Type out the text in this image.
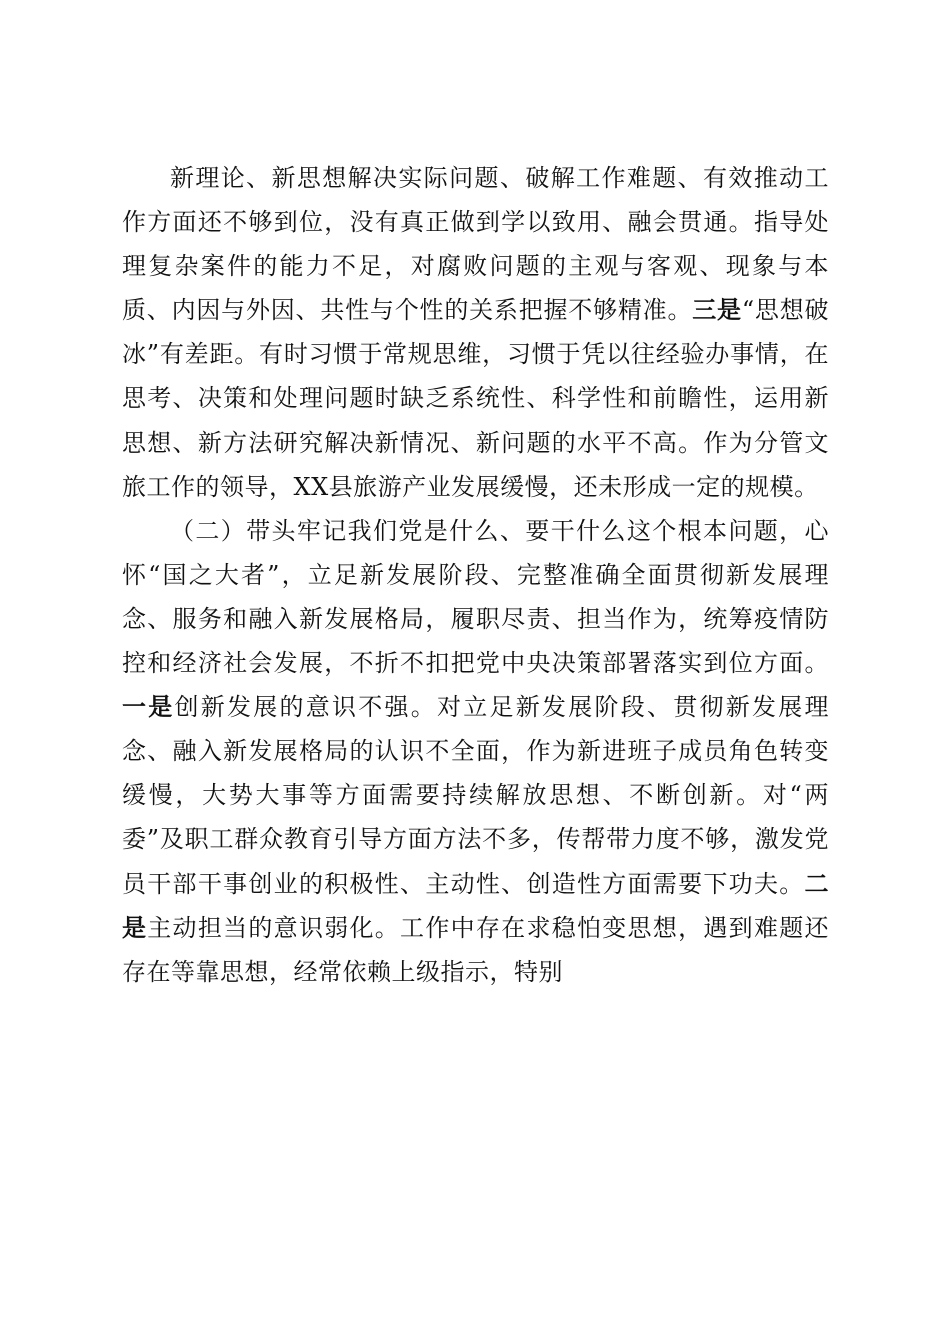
新理论、新思想解决实际问题、破解工作难题、有效推动工作方面还不够到位，没有真正做到学以致用、融会贯通。指导处理复杂案件的能力不足，对腐败问题的主观与客观、现象与本质、内因与外因、共性与个性的关系把握不够精准。三是“思想破冰”有差距。有时习惯于常规思维，习惯于凭以往经验办事情，在思考、决策和处理问题时缺乏系统性、科学性和前瞻性，运用新思想、新方法研究解决新情况、新问题的水平不高。作为分管文旅工作的领导，XX县旅游产业发展缓慢，还未形成一定的规模。

（二）带头牢记我们党是什么、要干什么这个根本问题，心怀“国之大者”，立足新发展阶段、完整准确全面贯彻新发展理念、服务和融入新发展格局，履职尽责、担当作为，统筹疫情防控和经济社会发展，不折不扣把党中央决策部署落实到位方面。一是创新发展的意识不强。对立足新发展阶段、贯彻新发展理念、融入新发展格局的认识不全面，作为新进班子成员角色转变缓慢，大势大事等方面需要持续解放思想、不断创新。对“两委”及职工群众教育引导方面方法不多，传帮带力度不够，激发党员干部干事创业的积极性、主动性、创造性方面需要下功夫。二是主动担当的意识弱化。工作中存在求稳怕变思想，遇到难题还存在等靠思想，经常依赖上级指示，特别
